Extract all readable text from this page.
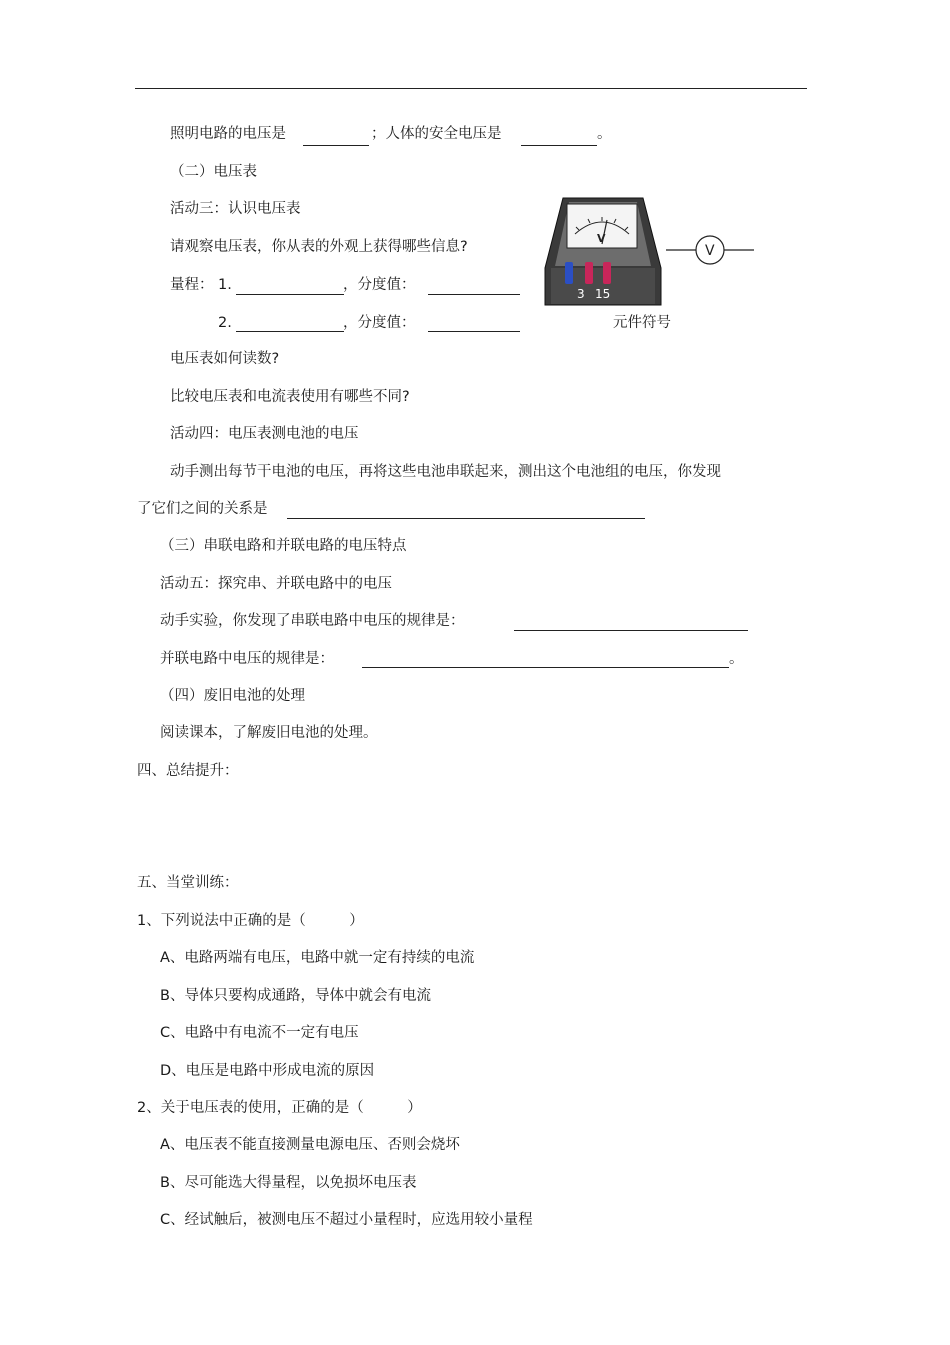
照明电路的电压是	；人体的安全电压是	。
（二）电压表
活动三：认识电压表
请观察电压表，你从表的外观上获得哪些信息?
量程： 1.	，分度值：
2.	，分度值：
V
3 15
V
元件符号
电压表如何读数?
比较电压表和电流表使用有哪些不同?
活动四：电压表测电池的电压
动手测出每节干电池的电压，再将这些电池串联起来，测出这个电池组的电压，你发现
了它们之间的关系是
（三）串联电路和并联电路的电压特点
活动五：探究串、并联电路中的电压
动手实验，你发现了串联电路中电压的规律是：
并联电路中电压的规律是：	。
（四）废旧电池的处理
阅读课本，了解废旧电池的处理。
四、总结提升：
五、当堂训练：
1、下列说法中正确的是（　　　）
A、电路两端有电压，电路中就一定有持续的电流
B、导体只要构成通路，导体中就会有电流
C、电路中有电流不一定有电压
D、电压是电路中形成电流的原因
2、关于电压表的使用，正确的是（　　　）
A、电压表不能直接测量电源电压、否则会烧坏
B、尽可能选大得量程，以免损坏电压表
C、经试触后，被测电压不超过小量程时，应选用较小量程
